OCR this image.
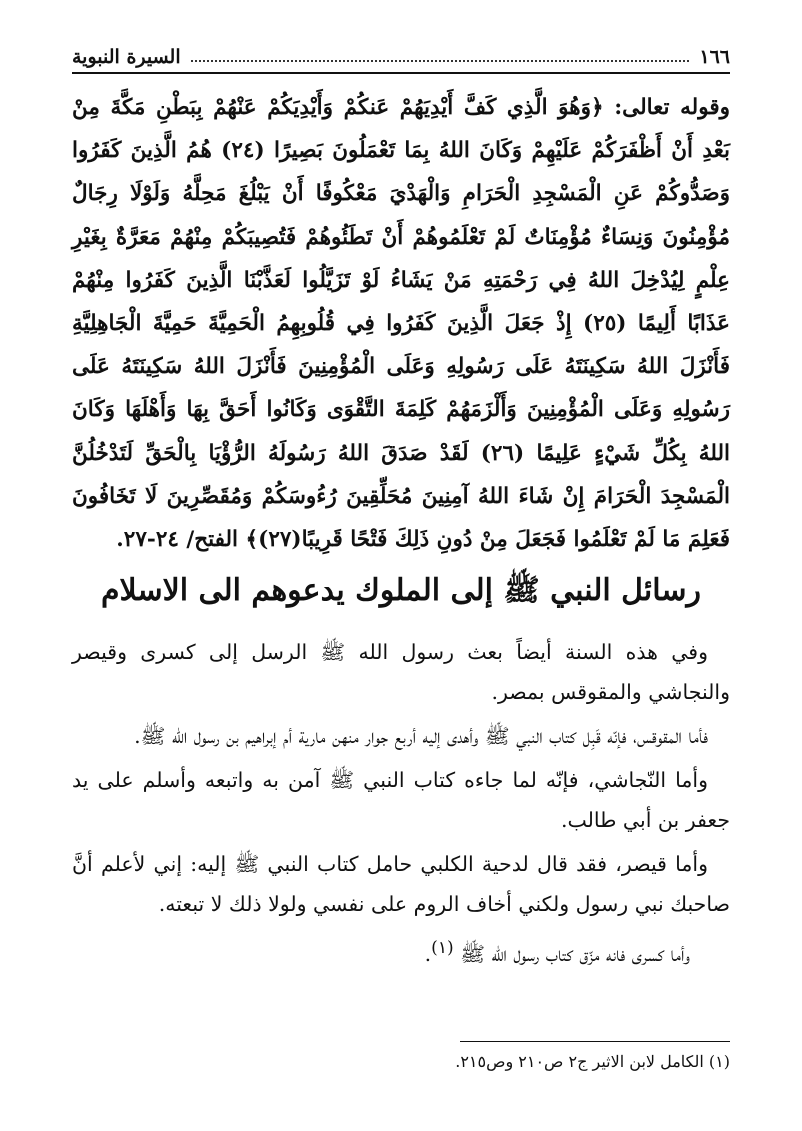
١٦٦
السيرة النبوية

وقوله تعالى: ﴿وَهُوَ الَّذِي كَفَّ أَيْدِيَهُمْ عَنكُمْ وَأَيْدِيَكُمْ عَنْهُمْ بِبَطْنِ مَكَّةَ مِنْ بَعْدِ أَنْ أَظْفَرَكُمْ عَلَيْهِمْ وَكَانَ اللهُ بِمَا تَعْمَلُونَ بَصِيرًا (٢٤) هُمُ الَّذِينَ كَفَرُوا وَصَدُّوكُمْ عَنِ الْمَسْجِدِ الْحَرَامِ وَالْهَدْيَ مَعْكُوفًا أَنْ يَبْلُغَ مَحِلَّهُ وَلَوْلَا رِجَالٌ مُؤْمِنُونَ وَنِسَاءٌ مُؤْمِنَاتٌ لَمْ تَعْلَمُوهُمْ أَنْ تَطَئُوهُمْ فَتُصِيبَكُمْ مِنْهُمْ مَعَرَّةٌ بِغَيْرِ عِلْمٍ لِيُدْخِلَ اللهُ فِي رَحْمَتِهِ مَنْ يَشَاءُ لَوْ تَزَيَّلُوا لَعَذَّبْنَا الَّذِينَ كَفَرُوا مِنْهُمْ عَذَابًا أَلِيمًا (٢٥) إِذْ جَعَلَ الَّذِينَ كَفَرُوا فِي قُلُوبِهِمُ الْحَمِيَّةَ حَمِيَّةَ الْجَاهِلِيَّةِ فَأَنْزَلَ اللهُ سَكِينَتَهُ عَلَى رَسُولِهِ وَعَلَى الْمُؤْمِنِينَ فَأَنْزَلَ اللهُ سَكِينَتَهُ عَلَى رَسُولِهِ وَعَلَى الْمُؤْمِنِينَ وَأَلْزَمَهُمْ كَلِمَةَ التَّقْوَى وَكَانُوا أَحَقَّ بِهَا وَأَهْلَهَا وَكَانَ اللهُ بِكُلِّ شَيْءٍ عَلِيمًا (٢٦) لَقَدْ صَدَقَ اللهُ رَسُولَهُ الرُّؤْيَا بِالْحَقِّ لَتَدْخُلُنَّ الْمَسْجِدَ الْحَرَامَ إِنْ شَاءَ اللهُ آمِنِينَ مُحَلِّقِينَ رُءُوسَكُمْ وَمُقَصِّرِينَ لَا تَخَافُونَ فَعَلِمَ مَا لَمْ تَعْلَمُوا فَجَعَلَ مِنْ دُونِ ذَلِكَ فَتْحًا قَرِيبًا(٢٧)﴾ الفتح/ ٢٤-٢٧.

رسائل النبي ﷺ إلى الملوك يدعوهم الى الاسلام

وفي هذه السنة أيضاً بعث رسول الله ﷺ الرسل إلى كسرى وقيصر والنجاشي والمقوقس بمصر.

فأما المقوقس، فإنّه قَبِل كتاب النبي ﷺ وأهدى إليه أربع جوار منهن مارية أم إبراهيم بن رسول الله ﷺ.

وأما النّجاشي، فإنّه لما جاءه كتاب النبي ﷺ آمن به واتبعه وأسلم على يد جعفر بن أبي طالب.

وأما قيصر، فقد قال لدحية الكلبي حامل كتاب النبي ﷺ إليه: إني لأعلم أنَّ صاحبك نبي رسول ولكني أخاف الروم على نفسي ولولا ذلك لا تبعته.

وأما كسرى فانه مزّق كتاب رسول الله ﷺ $^{(١)}$.

(١) الكامل لابن الاثير ج٢ ص٢١٠ وص٢١٥.
